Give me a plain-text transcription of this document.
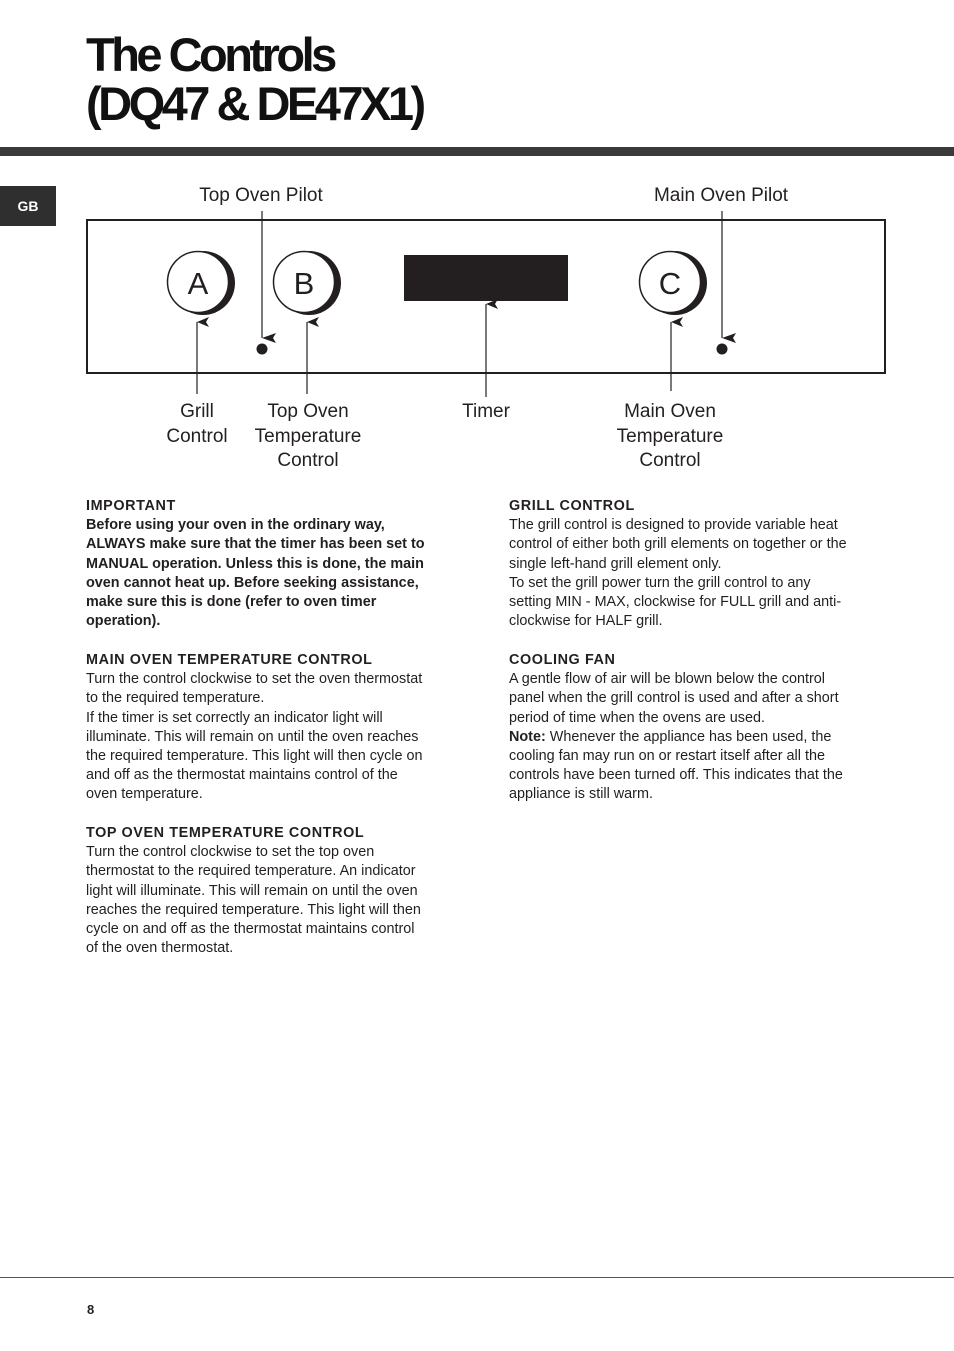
The Controls
(DQ47 & DE47X1)
GB
A	B	C
Top Oven Pilot	Main Oven Pilot
Grill
Control
Top Oven
Temperature
Control
Timer	Main Oven
Temperature
Control
IMPORTANT

Before using your oven in the ordinary way,

ALWAYS make sure that the timer has been set to

MANUAL operation. Unless this is done, the main

oven cannot heat up. Before seeking assistance,

make sure this is done (refer to oven timer

operation).

MAIN OVEN TEMPERATURE CONTROL

Turn the control clockwise to set the oven thermostat

to the required temperature.

If the timer is set correctly an indicator light will

illuminate. This will remain on until the oven reaches

the required temperature. This light will then cycle on

and off as the thermostat maintains control of the

oven temperature.

TOP OVEN TEMPERATURE CONTROL

Turn the control clockwise to set the top oven

thermostat to the required temperature. An indicator

light will illuminate. This will remain on until the oven

reaches the required temperature. This light will then

cycle on and off as the thermostat maintains control

of the oven thermostat.

GRILL CONTROL

The grill control is designed to provide variable heat

control of either both grill elements on together or the

single left-hand grill element only.

To set the grill power turn the grill control to any

setting MIN - MAX, clockwise for FULL grill and anti-

clockwise for HALF grill.

COOLING FAN

A gentle flow of air will be blown below the control

panel when the grill control is used and after a short

period of time when the ovens are used.

Note: Whenever the appliance has been used, the

cooling fan may run on or restart itself after all the

controls have been turned off. This indicates that the

appliance is still warm.

8
